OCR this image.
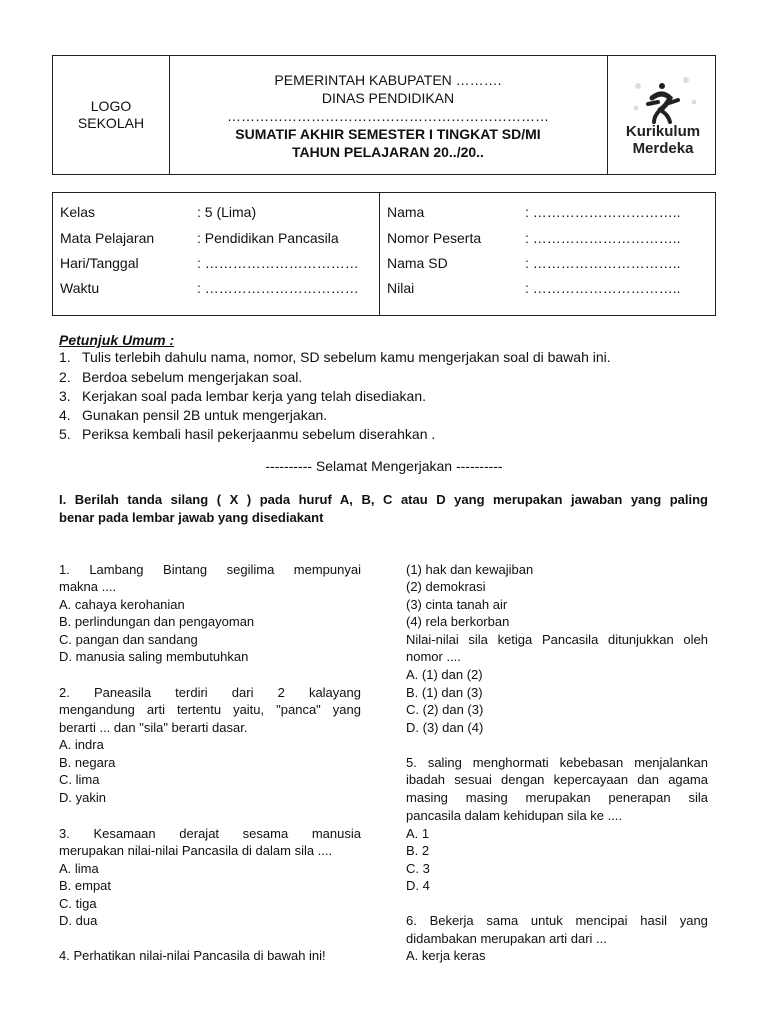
LOGO
SEKOLAH
PEMERINTAH KABUPATEN ……….
DINAS PENDIDIKAN
……………………………………………………………
SUMATIF AKHIR SEMESTER I TINGKAT SD/MI
TAHUN PELAJARAN 20../20..
Kurikulum
Merdeka
Kelas	: 5 (Lima)
Mata Pelajaran	: Pendidikan Pancasila
Hari/Tanggal	: ……………………………
Waktu	: ……………………………
Nama	: …………………………..
Nomor Peserta	: …………………………..
Nama SD	: …………………………..
Nilai	: …………………………..
Petunjuk Umum :
1. Tulis terlebih dahulu nama, nomor, SD sebelum kamu mengerjakan soal di bawah ini.
2. Berdoa sebelum mengerjakan soal.
3. Kerjakan soal pada lembar kerja yang telah disediakan.
4. Gunakan pensil 2B untuk mengerjakan.
5. Periksa kembali hasil pekerjaanmu sebelum diserahkan .
---------- Selamat Mengerjakan ----------
I. Berilah tanda silang ( X ) pada huruf A, B, C atau D yang merupakan jawaban yang paling
benar pada lembar jawab yang disediakant
1. Lambang Bintang segilima mempunyai
makna ....
A. cahaya kerohanian
B. perlindungan dan pengayoman
C. pangan dan sandang
D. manusia saling membutuhkan
2. Paneasila terdiri dari 2 kalayang
mengandung arti tertentu yaitu, "panca" yang
berarti ... dan "sila" berarti dasar.
A. indra
B. negara
C. lima
D. yakin
3. Kesamaan derajat sesama manusia
merupakan nilai-nilai Pancasila di dalam sila ....
A. lima
B. empat
C. tiga
D. dua
4. Perhatikan nilai-nilai Pancasila di bawah ini!
(1) hak dan kewajiban
(2) demokrasi
(3) cinta tanah air
(4) rela berkorban
Nilai-nilai sila ketiga Pancasila ditunjukkan oleh
nomor ....
A. (1) dan (2)
B. (1) dan (3)
C. (2) dan (3)
D. (3) dan (4)
5. saling menghormati kebebasan menjalankan
ibadah sesuai dengan kepercayaan dan agama
masing masing merupakan penerapan sila
pancasila dalam kehidupan sila ke ....
A. 1
B. 2
C. 3
D. 4
6. Bekerja sama untuk mencipai hasil yang
didambakan merupakan arti dari ...
A. kerja keras
